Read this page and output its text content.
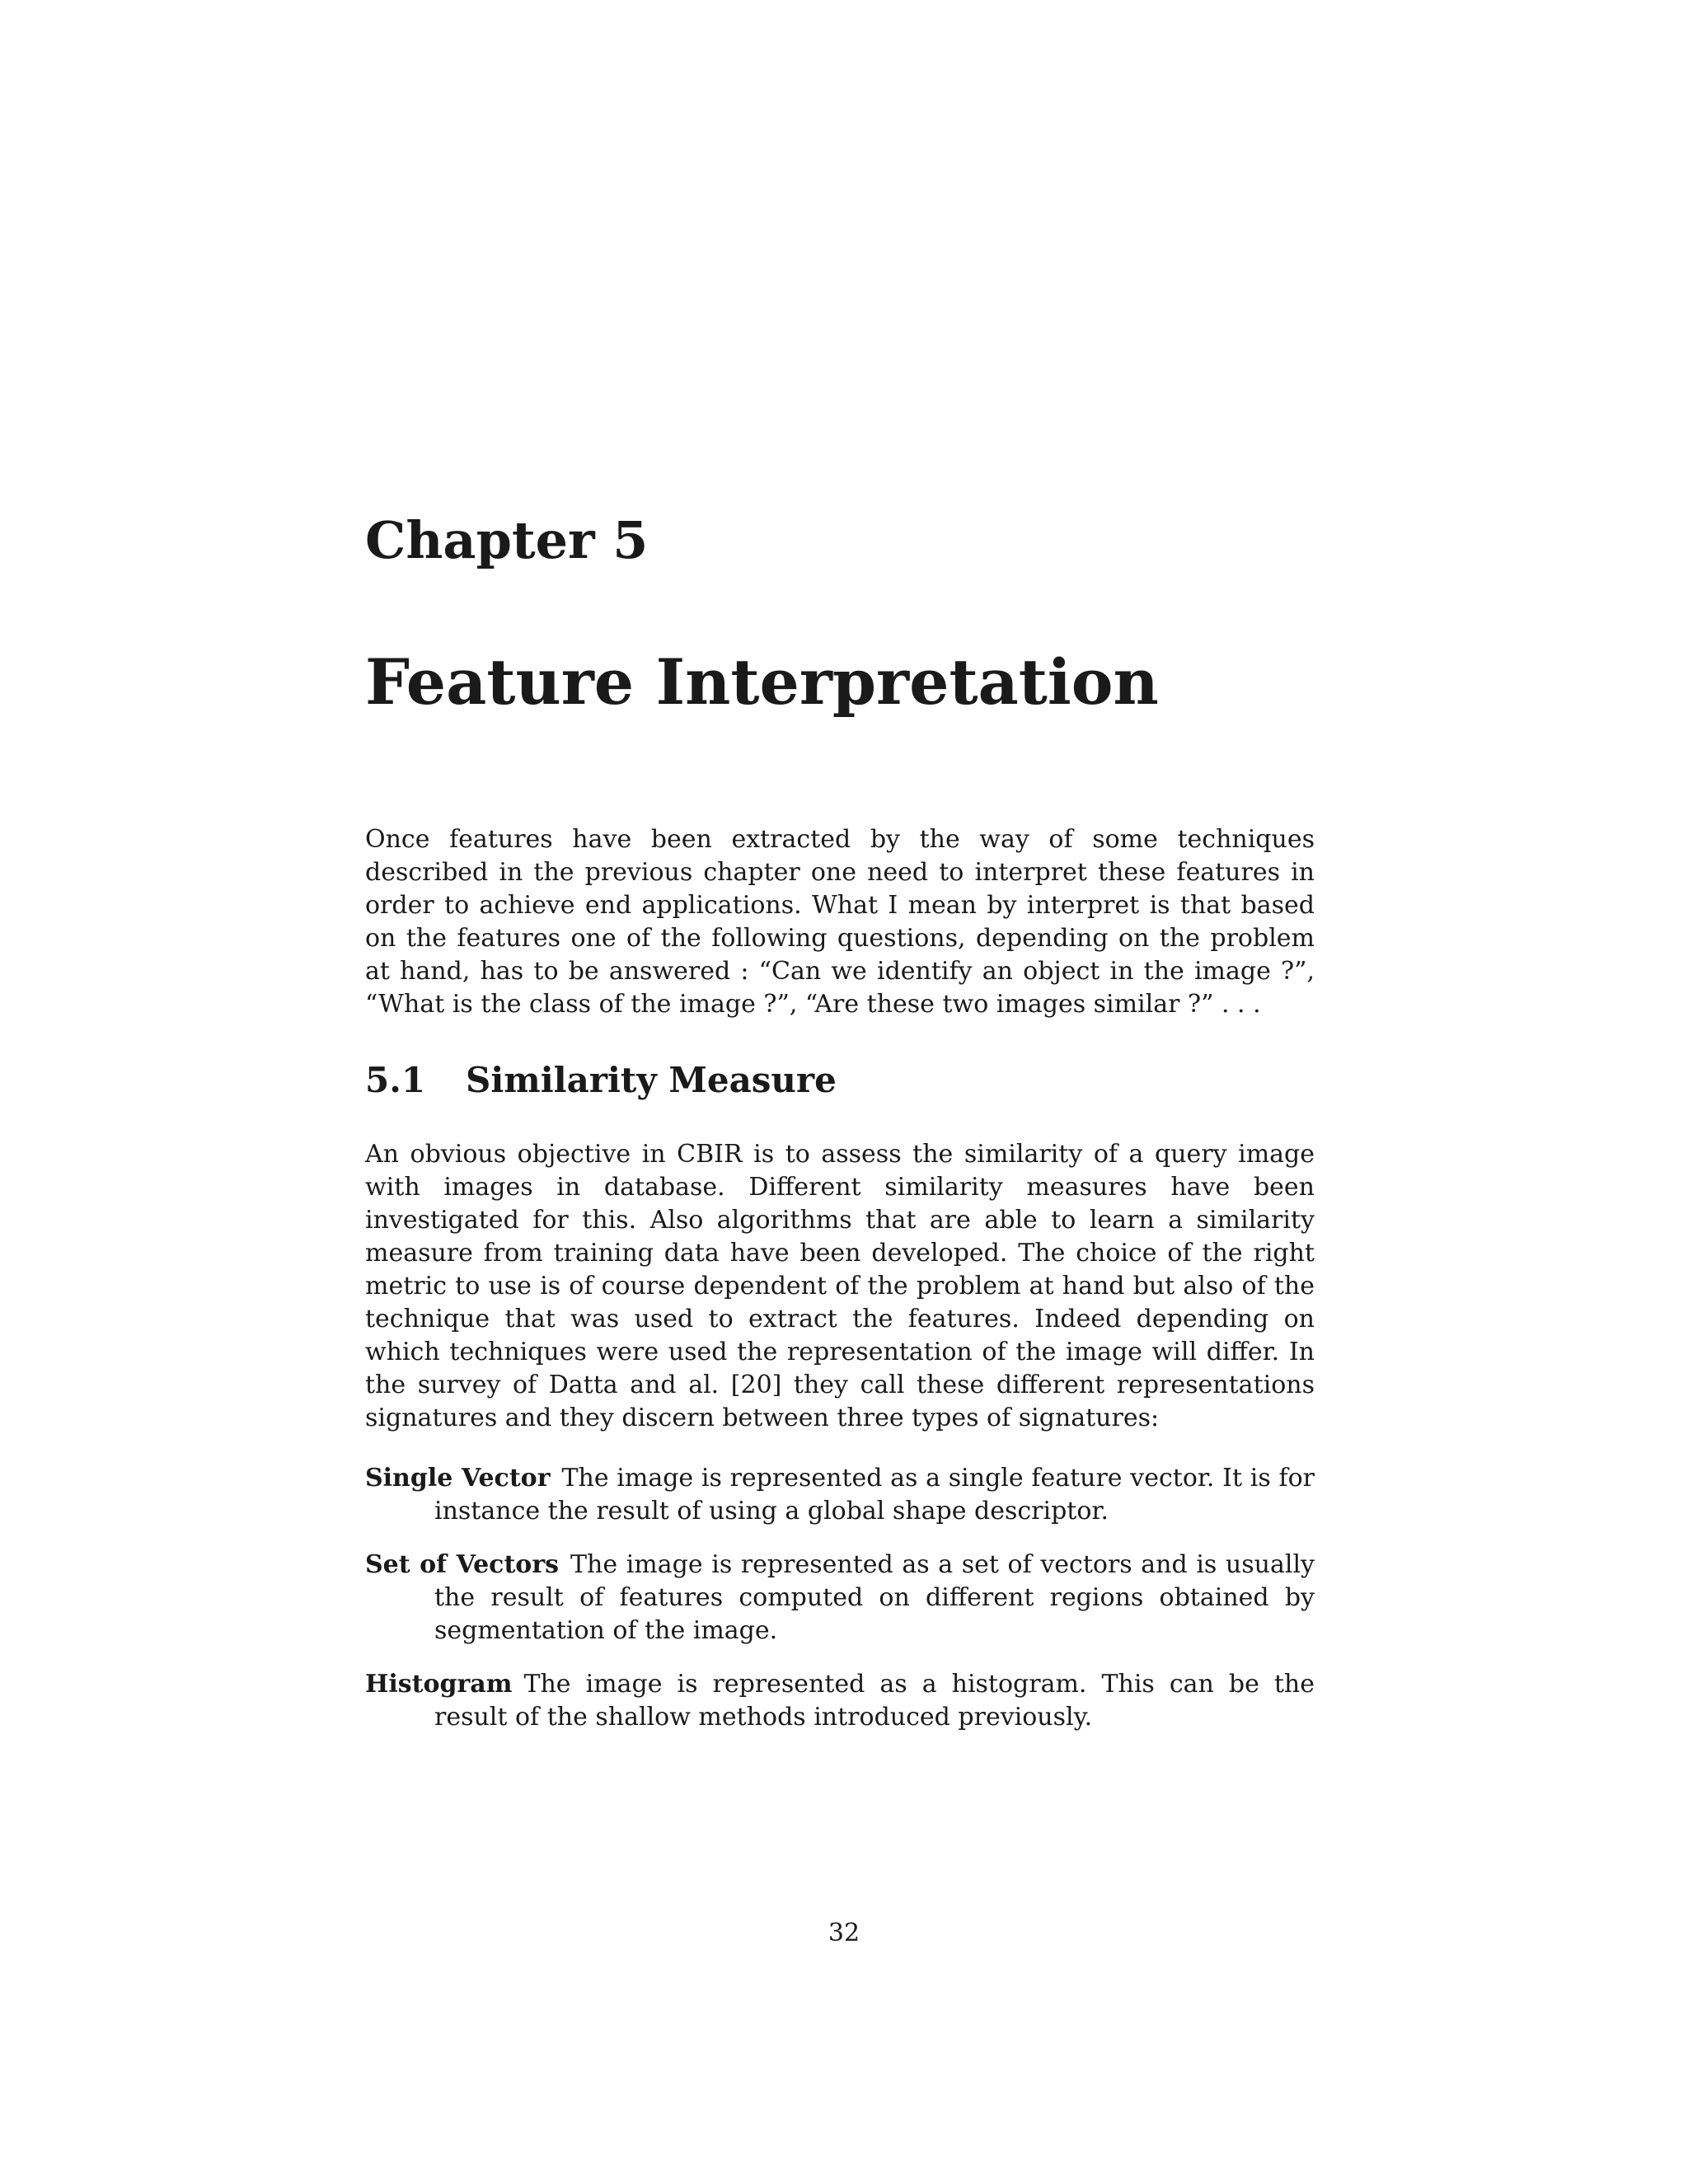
Chapter 5
Feature Interpretation

Once features have been extracted by the way of some techniques described in the previous chapter one need to interpret these features in order to achieve end applications. What I mean by interpret is that based on the features one of the following questions, depending on the problem at hand, has to be answered : “Can we identify an object in the image ?”, “What is the class of the image ?”, “Are these two images similar ?” . . .

5.1 Similarity Measure

An obvious objective in CBIR is to assess the similarity of a query image with images in database. Different similarity measures have been investigated for this. Also algorithms that are able to learn a similarity measure from training data have been developed. The choice of the right metric to use is of course dependent of the problem at hand but also of the technique that was used to extract the features. Indeed depending on which techniques were used the representation of the image will differ. In the survey of Datta and al. [20] they call these different representations signatures and they discern between three types of signatures:

Single Vector The image is represented as a single feature vector. It is for instance the result of using a global shape descriptor.
Set of Vectors The image is represented as a set of vectors and is usually the result of features computed on different regions obtained by segmentation of the image.
Histogram The image is represented as a histogram. This can be the result of the shallow methods introduced previously.

32
